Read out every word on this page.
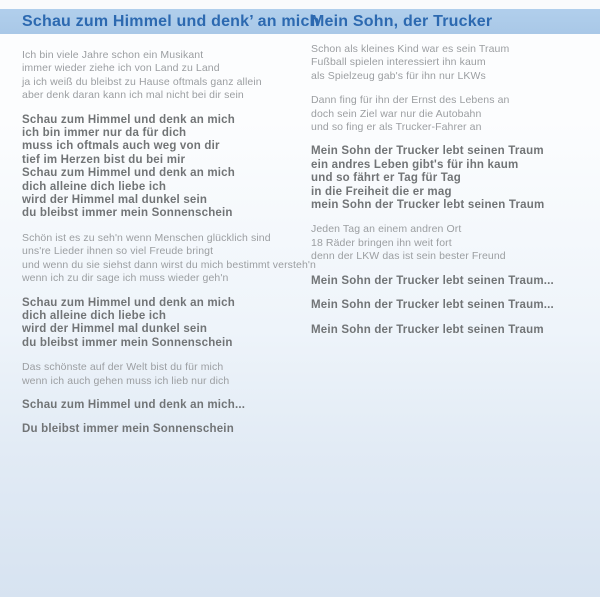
Schau zum Himmel und denk’ an mich
Mein Sohn, der Trucker
Ich bin viele Jahre schon ein Musikant
immer wieder ziehe ich von Land zu Land
ja ich weiß du bleibst zu Hause oftmals ganz allein
aber denk daran kann ich mal nicht bei dir sein
Schau zum Himmel und denk an mich
ich bin immer nur da für dich
muss ich oftmals auch weg von dir
tief im Herzen bist du bei mir
Schau zum Himmel und denk an mich
dich alleine dich liebe ich
wird der Himmel mal dunkel sein
du bleibst immer mein Sonnenschein
Schön ist es zu seh'n wenn Menschen glücklich sind
uns're Lieder ihnen so viel Freude bringt
und wenn du sie siehst dann wirst du mich bestimmt versteh'n
wenn ich zu dir sage ich muss wieder geh'n
Schau zum Himmel und denk an mich
dich alleine dich liebe ich
wird der Himmel mal dunkel sein
du bleibst immer mein Sonnenschein
Das schönste auf der Welt bist du für mich
wenn ich auch gehen muss ich lieb nur dich
Schau zum Himmel und denk an mich...
Du bleibst immer mein Sonnenschein
Schon als kleines Kind war es sein Traum
Fußball spielen interessiert ihn kaum
als Spielzeug gab's für ihn nur LKWs
Dann fing für ihn der Ernst des Lebens an
doch sein Ziel war nur die Autobahn
und so fing er als Trucker-Fahrer an
Mein Sohn der Trucker lebt seinen Traum
ein andres Leben gibt's für ihn kaum
und so fährt er Tag für Tag
in die Freiheit die er mag
mein Sohn der Trucker lebt seinen Traum
Jeden Tag an einem andren Ort
18 Räder bringen ihn weit fort
denn der LKW das ist sein bester Freund
Mein Sohn der Trucker lebt seinen Traum...
Mein Sohn der Trucker lebt seinen Traum...
Mein Sohn der Trucker lebt seinen Traum
